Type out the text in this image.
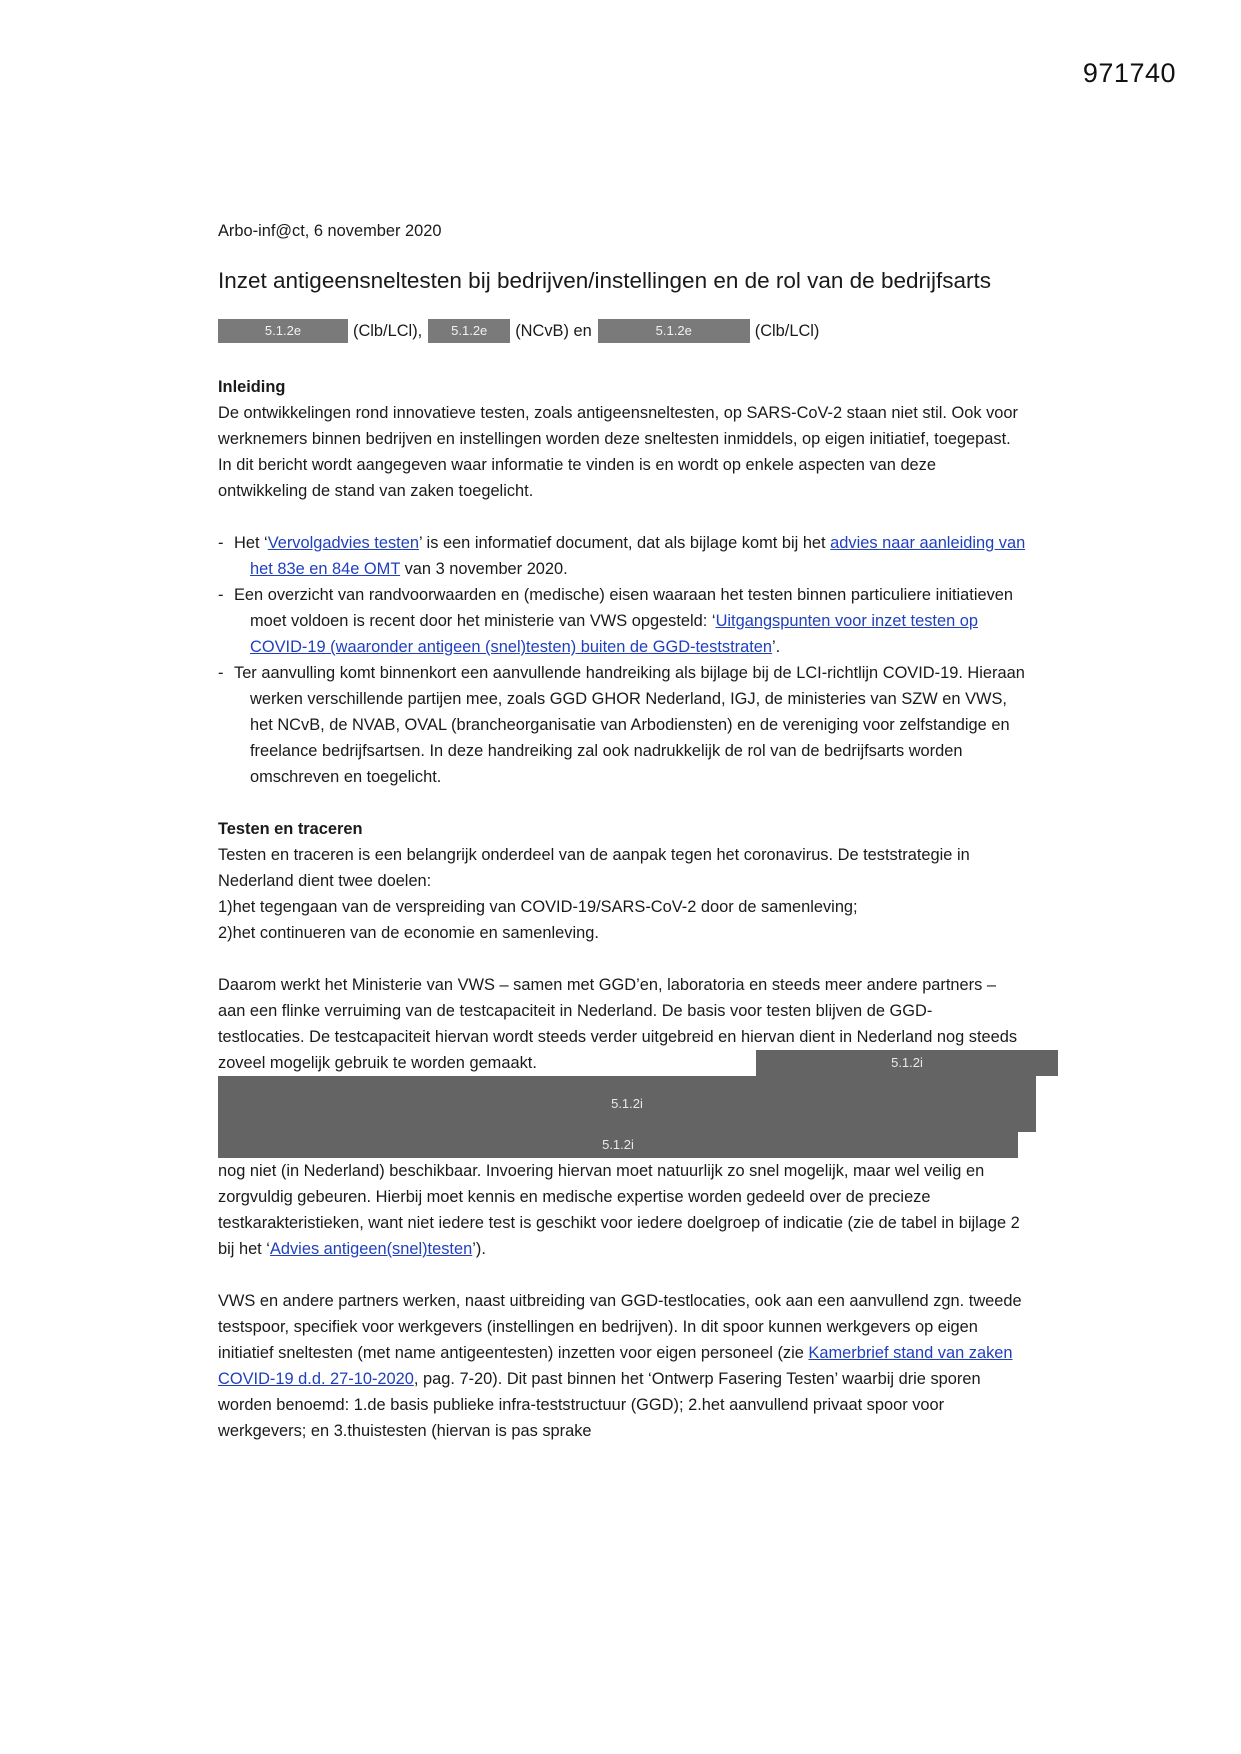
971740

Arbo-inf@ct, 6 november 2020

Inzet antigeensneltesten bij bedrijven/instellingen en de rol van de bedrijfsarts
5.1.2e	(Clb/LCl),	5.1.2e	(NCvB) en	5.1.2e	(Clb/LCl)

Inleiding

De ontwikkelingen rond innovatieve testen, zoals antigeensneltesten, op SARS-CoV-2 staan niet stil. Ook voor werknemers binnen bedrijven en instellingen worden deze sneltesten inmiddels, op eigen initiatief, toegepast. In dit bericht wordt aangegeven waar informatie te vinden is en wordt op enkele aspecten van deze ontwikkeling de stand van zaken toegelicht.

- Het ‘Vervolgadvies testen’ is een informatief document, dat als bijlage komt bij het advies naar aanleiding van het 83e en 84e OMT van 3 november 2020.
- Een overzicht van randvoorwaarden en (medische) eisen waaraan het testen binnen particuliere initiatieven moet voldoen is recent door het ministerie van VWS opgesteld: ‘Uitgangspunten voor inzet testen op COVID-19 (waaronder antigeen (snel)testen) buiten de GGD-teststraten’.
- Ter aanvulling komt binnenkort een aanvullende handreiking als bijlage bij de LCI-richtlijn COVID-19. Hieraan werken verschillende partijen mee, zoals GGD GHOR Nederland, IGJ, de ministeries van SZW en VWS, het NCvB, de NVAB, OVAL (brancheorganisatie van Arbodiensten) en de vereniging voor zelfstandige en freelance bedrijfsartsen. In deze handreiking zal ook nadrukkelijk de rol van de bedrijfsarts worden omschreven en toegelicht.

Testen en traceren

Testen en traceren is een belangrijk onderdeel van de aanpak tegen het coronavirus. De teststrategie in Nederland dient twee doelen:

1)het tegengaan van de verspreiding van COVID-19/SARS-CoV-2 door de samenleving;

2)het continueren van de economie en samenleving.

Daarom werkt het Ministerie van VWS – samen met GGD’en, laboratoria en steeds meer andere partners – aan een flinke verruiming van de testcapaciteit in Nederland. De basis voor testen blijven de GGD-testlocaties. De testcapaciteit hiervan wordt steeds verder uitgebreid en hiervan dient in Nederland nog steeds zoveel mogelijk gebruik te worden gemaakt.	5.1.2i
5.1.2i
5.1.2i

nog niet (in Nederland) beschikbaar. Invoering hiervan moet natuurlijk zo snel mogelijk, maar wel veilig en zorgvuldig gebeuren. Hierbij moet kennis en medische expertise worden gedeeld over de precieze testkarakteristieken, want niet iedere test is geschikt voor iedere doelgroep of indicatie (zie de tabel in bijlage 2 bij het ‘Advies antigeen(snel)testen’).

VWS en andere partners werken, naast uitbreiding van GGD-testlocaties, ook aan een aanvullend zgn. tweede testspoor, specifiek voor werkgevers (instellingen en bedrijven). In dit spoor kunnen werkgevers op eigen initiatief sneltesten (met name antigeentesten) inzetten voor eigen personeel (zie Kamerbrief stand van zaken COVID-19 d.d. 27-10-2020, pag. 7-20). Dit past binnen het ‘Ontwerp Fasering Testen’ waarbij drie sporen worden benoemd: 1.de basis publieke infra-teststructuur (GGD); 2.het aanvullend privaat spoor voor werkgevers; en 3.thuistesten (hiervan is pas sprake
